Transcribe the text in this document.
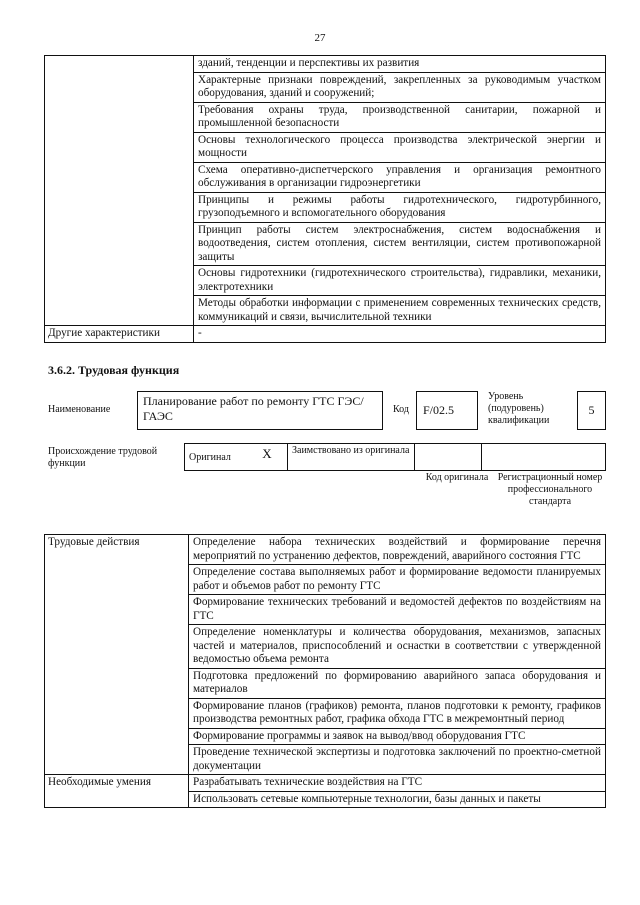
27
	зданий, тенденции и перспективы их развития
	Характерные признаки повреждений, закрепленных за руководимым участком оборудования, зданий и сооружений;
	Требования охраны труда, производственной санитарии, пожарной и промышленной безопасности
	Основы технологического процесса производства электрической энергии и мощности
	Схема оперативно-диспетчерского управления и организация ремонтного обслуживания в организации гидроэнергетики
	Принципы и режимы работы гидротехнического, гидротурбинного, грузоподъемного и вспомогательного оборудования
	Принцип работы систем электроснабжения, систем водоснабжения и водоотведения, систем отопления, систем вентиляции, систем противопожарной защиты
	Основы гидротехники (гидротехнического строительства), гидравлики, механики, электротехники
	Методы обработки информации с применением современных технических средств, коммуникаций и связи, вычислительной техники
Другие характеристики	-
3.6.2. Трудовая функция
Наименование
Планирование работ по ремонту ГТС ГЭС/ГАЭС	Код	F/02.5
Уровень (подуровень) квалификации
5
Происхождение трудовой функции
Оригинал	X	Заимствовано из оригинала		
Код оригинала Регистрационный номер профессионального стандарта
Трудовые действия	Определение набора технических воздействий и формирование перечня мероприятий по устранению дефектов, повреждений, аварийного состояния ГТС
	Определение состава выполняемых работ и формирование ведомости планируемых работ и объемов работ по ремонту ГТС
	Формирование технических требований и ведомостей дефектов по воздействиям на ГТС
	Определение номенклатуры и количества оборудования, механизмов, запасных частей и материалов, приспособлений и оснастки в соответствии с утвержденной ведомостью объема ремонта
	Подготовка предложений по формированию аварийного запаса оборудования и материалов
	Формирование планов (графиков) ремонта, планов подготовки к ремонту, графиков производства ремонтных работ, графика обхода ГТС в межремонтный период
	Формирование программы и заявок на вывод/ввод оборудования ГТС
	Проведение технической экспертизы и подготовка заключений по проектно-сметной документации
Необходимые умения	Разрабатывать технические воздействия на ГТС
	Использовать сетевые компьютерные технологии, базы данных и пакеты
